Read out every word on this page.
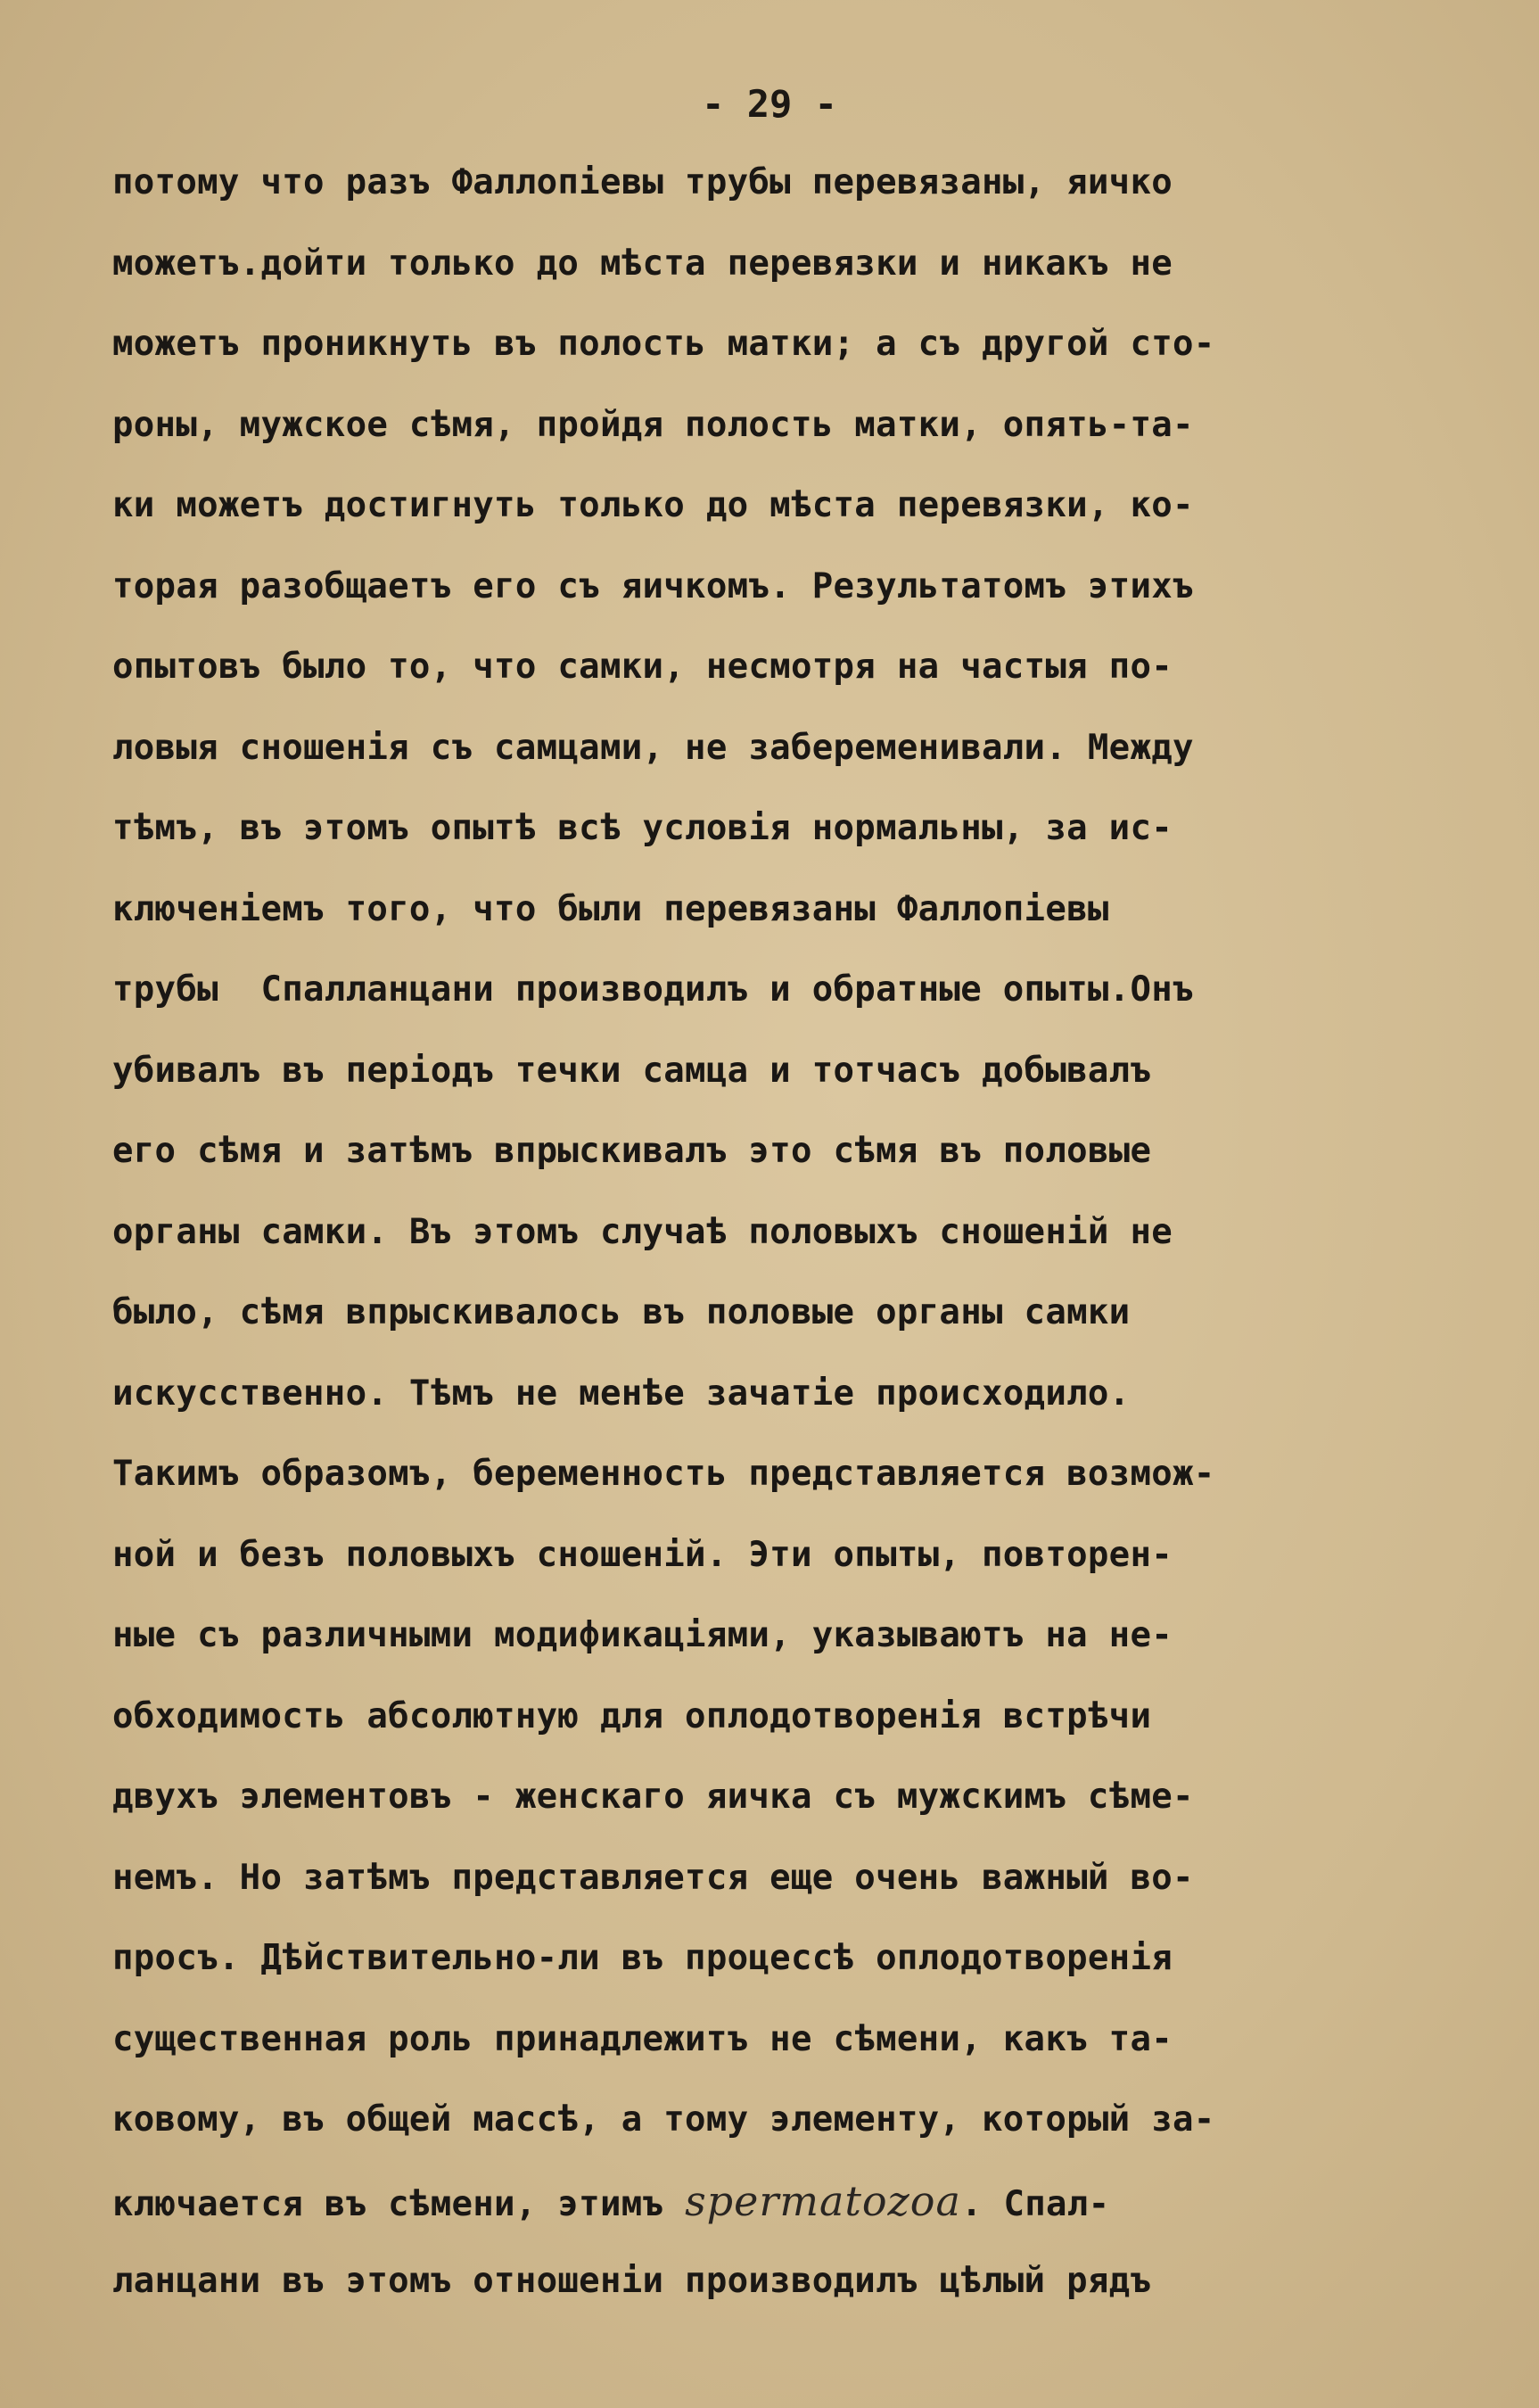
- 29 -
потому что разъ Фаллопіевы трубы перевязаны, яичко
можетъ.дойти только до мѣста перевязки и никакъ не
можетъ проникнуть въ полость матки; а съ другой сто-
роны, мужское сѣмя, пройдя полость матки, опять-та-
ки можетъ достигнуть только до мѣста перевязки, ко-
торая разобщаетъ его съ яичкомъ. Результатомъ этихъ
опытовъ было то, что самки, несмотря на частыя по-
ловыя сношенія съ самцами, не забеременивали. Между
тѣмъ, въ этомъ опытѣ всѣ условія нормальны, за ис-
ключеніемъ того, что были перевязаны Фаллопіевы
трубы  Спалланцани производилъ и обратные опыты.Онъ
убивалъ въ періодъ течки самца и тотчасъ добывалъ
его сѣмя и затѣмъ впрыскивалъ это сѣмя въ половые
органы самки. Въ этомъ случаѣ половыхъ сношеній не
было, сѣмя впрыскивалось въ половые органы самки
искусственно. Тѣмъ не менѣе зачатіе происходило.
Такимъ образомъ, беременность представляется возмож-
ной и безъ половыхъ сношеній. Эти опыты, повторен-
ные съ различными модификаціями, указываютъ на не-
обходимость абсолютную для оплодотворенія встрѣчи
двухъ элементовъ - женскаго яичка съ мужскимъ сѣме-
немъ. Но затѣмъ представляется еще очень важный во-
просъ. Дѣйствительно-ли въ процессѣ оплодотворенія
существенная роль принадлежитъ не сѣмени, какъ та-
ковому, въ общей массѣ, а тому элементу, который за-
ключается въ сѣмени, этимъ spermatozoa. Спал-
ланцани въ этомъ отношеніи производилъ цѣлый рядъ
